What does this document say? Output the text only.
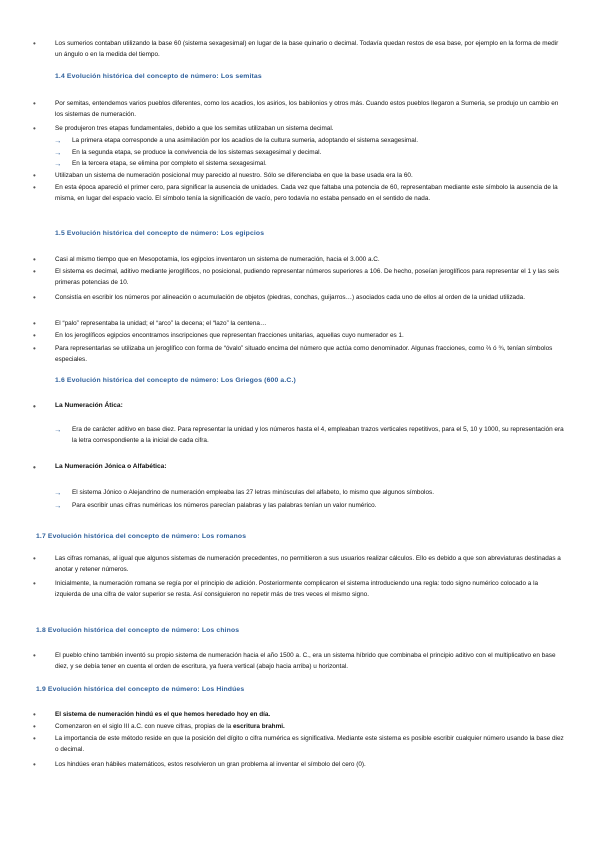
•	Los sumerios contaban utilizando la base 60 (sistema sexagesimal) en lugar de la base quinario o decimal. Todavía quedan restos de esa base, por ejemplo en la forma de medir un ángulo o en la medida del tiempo.
1.4 Evolución histórica del concepto de número: Los semitas
•	Por semitas, entendemos varios pueblos diferentes, como los acadios, los asirios, los babilonios y otros más. Cuando estos pueblos llegaron a Sumeria, se produjo un cambio en los sistemas de numeración.
•	Se produjeron tres etapas fundamentales, debido a que los semitas utilizaban un sistema decimal.
→ La primera etapa corresponde a una asimilación por los acadios de la cultura sumeria, adoptando el sistema sexagesimal.
→ En la segunda etapa, se produce la convivencia de los sistemas sexagesimal y decimal.
→ En la tercera etapa, se elimina por completo el sistema sexagesimal.
•	Utilizaban un sistema de numeración posicional muy parecido al nuestro. Sólo se diferenciaba en que la base usada era la 60.
•	En esta época apareció el primer cero, para significar la ausencia de unidades. Cada vez que faltaba una potencia de 60, representaban mediante este símbolo la ausencia de la misma, en lugar del espacio vacío. El símbolo tenía la significación de vacío, pero todavía no estaba pensado en el sentido de nada.
1.5 Evolución histórica del concepto de número: Los egipcios
•	Casi al mismo tiempo que en Mesopotamia, los egipcios inventaron un sistema de numeración, hacia el 3.000 a.C.
•	El sistema es decimal, aditivo mediante jeroglíficos, no posicional, pudiendo representar números superiores a 106. De hecho, poseían jeroglíficos para representar el 1 y las seis primeras potencias de 10.
•	Consistía en escribir los números por alineación o acumulación de objetos (piedras, conchas, guijarros…) asociados cada uno de ellos al orden de la unidad utilizada.
•	El “palo” representaba la unidad; el “arco” la decena; el “lazo” la centena…
•	En los jeroglíficos egipcios encontramos inscripciones que representan fracciones unitarias, aquellas cuyo numerador es 1.
•	Para representarlas se utilizaba un jeroglífico con forma de “óvalo” situado encima del número que actúa como denominador. Algunas fracciones, como ⅔ ó ¾, tenían símbolos especiales.
1.6 Evolución histórica del concepto de número: Los Griegos (600 a.C.)
•	La Numeración Ática:
→ Era de carácter aditivo en base diez. Para representar la unidad y los números hasta el 4, empleaban trazos verticales repetitivos, para el 5, 10 y 1000, su representación era la letra correspondiente a la inicial de cada cifra.
•	La Numeración Jónica o Alfabética:
→ El sistema Jónico o Alejandrino de numeración empleaba las 27 letras minúsculas del alfabeto, lo mismo que algunos símbolos.
→ Para escribir unas cifras numéricas los números parecían palabras y las palabras tenían un valor numérico.
1.7 Evolución histórica del concepto de número: Los romanos
•	Las cifras romanas, al igual que algunos sistemas de numeración precedentes, no permitieron a sus usuarios realizar cálculos. Ello es debido a que son abreviaturas destinadas a anotar y retener números.
•	Inicialmente, la numeración romana se regía por el principio de adición. Posteriormente complicaron el sistema introduciendo una regla: todo signo numérico colocado a la izquierda de una cifra de valor superior se resta. Así consiguieron no repetir más de tres veces el mismo signo.
1.8 Evolución histórica del concepto de número: Los chinos
•	El pueblo chino también inventó su propio sistema de numeración hacia el año 1500 a. C., era un sistema híbrido que combinaba el principio aditivo con el multiplicativo en base diez, y se debía tener en cuenta el orden de escritura, ya fuera vertical (abajo hacia arriba) u horizontal.
1.9 Evolución histórica del concepto de número: Los Hindúes
•	El sistema de numeración hindú es el que hemos heredado hoy en día.
•	Comenzaron en el siglo III a.C. con nueve cifras, propias de la escritura brahmi.
•	La importancia de este método reside en que la posición del dígito o cifra numérica es significativa. Mediante este sistema es posible escribir cualquier número usando la base diez o decimal.
•	Los hindúes eran hábiles matemáticos, estos resolvieron un gran problema al inventar el símbolo del cero (0).
